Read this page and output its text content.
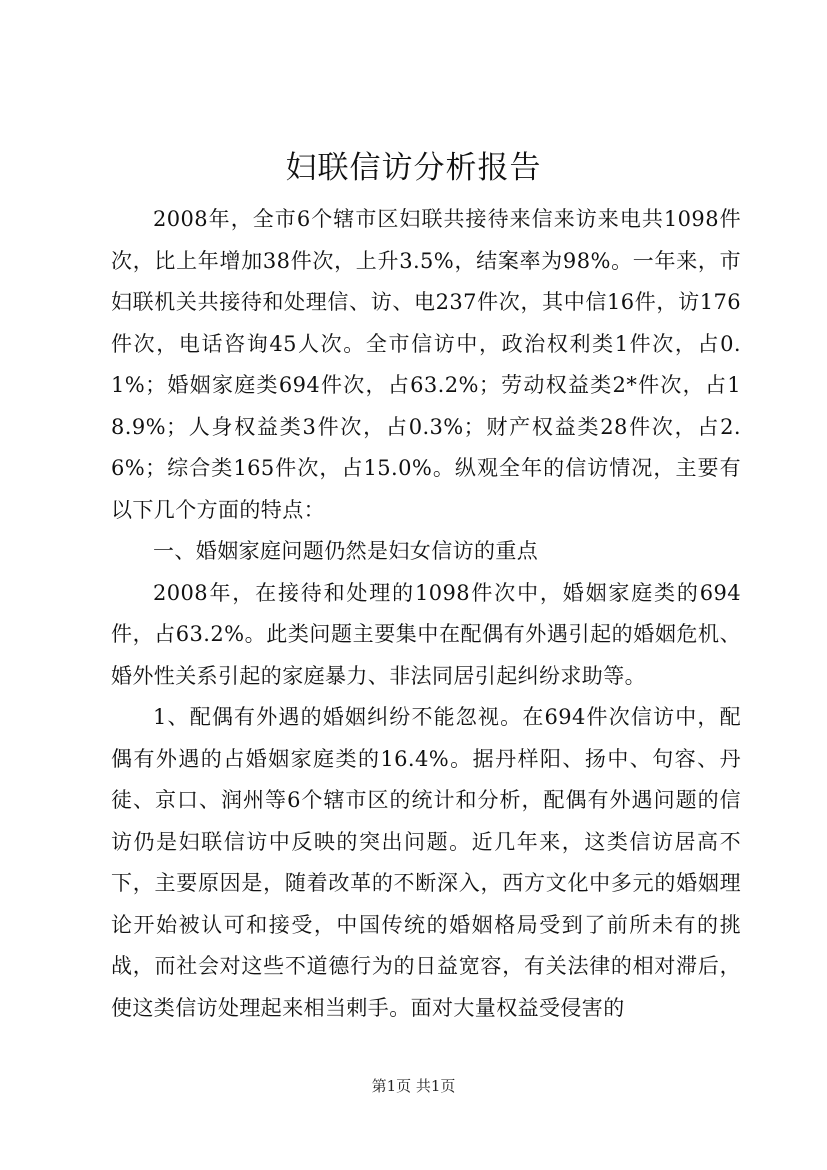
妇联信访分析报告

2008年，全市6个辖市区妇联共接待来信来访来电共1098件次，比上年增加38件次，上升3.5%，结案率为98%。一年来，市妇联机关共接待和处理信、访、电237件次，其中信16件，访176件次，电话咨询45人次。全市信访中，政治权利类1件次，占0.1%；婚姻家庭类694件次，占63.2%；劳动权益类2*件次，占18.9%；人身权益类3件次，占0.3%；财产权益类28件次，占2.6%；综合类165件次，占15.0%。纵观全年的信访情况，主要有以下几个方面的特点：

一、婚姻家庭问题仍然是妇女信访的重点

2008年，在接待和处理的1098件次中，婚姻家庭类的694件，占63.2%。此类问题主要集中在配偶有外遇引起的婚姻危机、婚外性关系引起的家庭暴力、非法同居引起纠纷求助等。

1、配偶有外遇的婚姻纠纷不能忽视。在694件次信访中，配偶有外遇的占婚姻家庭类的16.4%。据丹样阳、扬中、句容、丹徒、京口、润州等6个辖市区的统计和分析，配偶有外遇问题的信访仍是妇联信访中反映的突出问题。近几年来，这类信访居高不下，主要原因是，随着改革的不断深入，西方文化中多元的婚姻理论开始被认可和接受，中国传统的婚姻格局受到了前所未有的挑战，而社会对这些不道德行为的日益宽容，有关法律的相对滞后，使这类信访处理起来相当剌手。面对大量权益受侵害的

第1页 共1页
